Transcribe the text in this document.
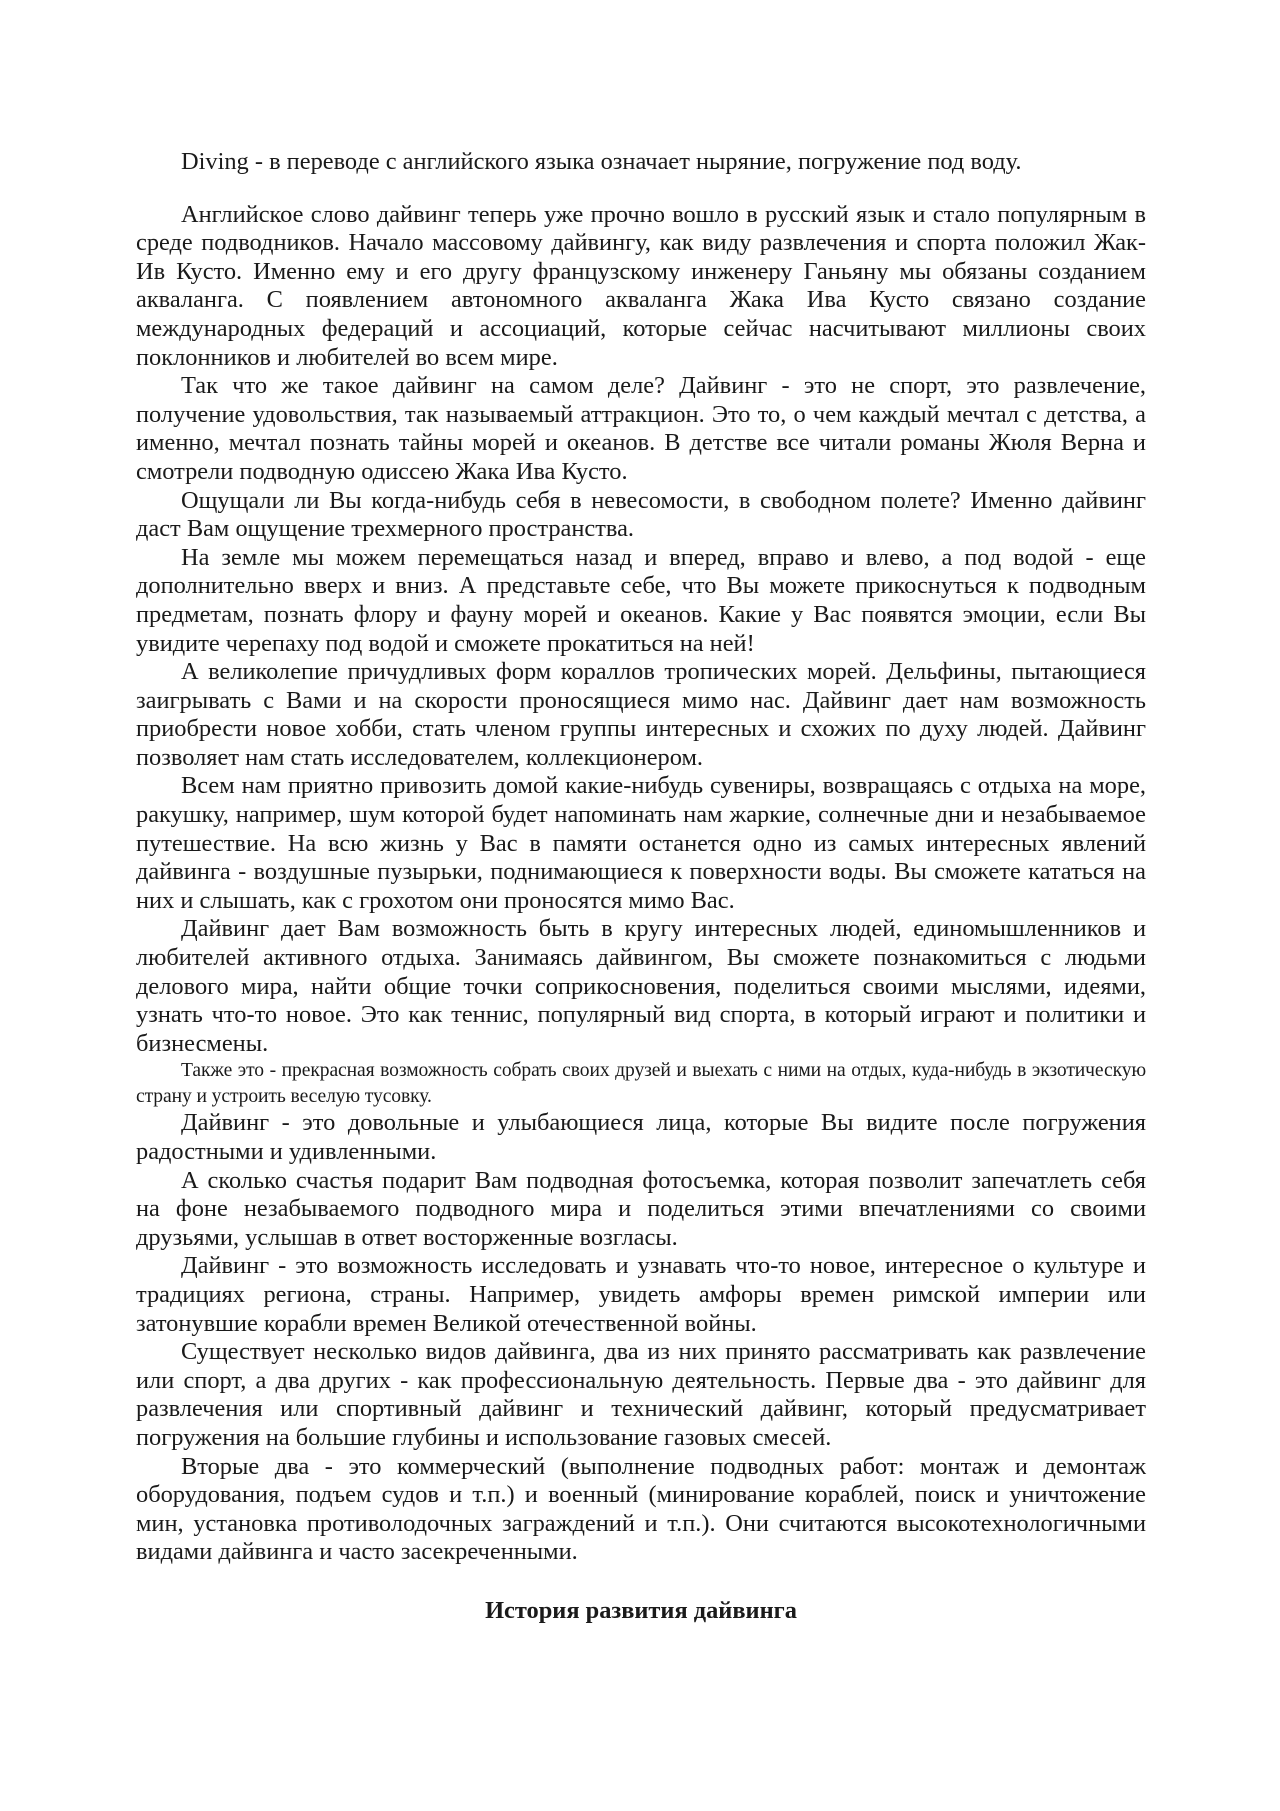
Diving - в переводе с английского языка означает ныряние, погружение под воду.

Английское слово дайвинг теперь уже прочно вошло в русский язык и стало популярным в среде подводников. Начало массовому дайвингу, как виду развлечения и спорта положил Жак-Ив Кусто. Именно ему и его другу французскому инженеру Ганьяну мы обязаны созданием акваланга. С появлением автономного акваланга Жака Ива Кусто связано создание международных федераций и ассоциаций, которые сейчас насчитывают миллионы своих поклонников и любителей во всем мире.

Так что же такое дайвинг на самом деле? Дайвинг - это не спорт, это развлечение, получение удовольствия, так называемый аттракцион. Это то, о чем каждый мечтал с детства, а именно, мечтал познать тайны морей и океанов. В детстве все читали романы Жюля Верна и смотрели подводную одиссею Жака Ива Кусто.

Ощущали ли Вы когда-нибудь себя в невесомости, в свободном полете? Именно дайвинг даст Вам ощущение трехмерного пространства.

На земле мы можем перемещаться назад и вперед, вправо и влево, а под водой - еще дополнительно вверх и вниз. А представьте себе, что Вы можете прикоснуться к подводным предметам, познать флору и фауну морей и океанов. Какие у Вас появятся эмоции, если Вы увидите черепаху под водой и сможете прокатиться на ней!

А великолепие причудливых форм кораллов тропических морей. Дельфины, пытающиеся заигрывать с Вами и на скорости проносящиеся мимо нас. Дайвинг дает нам возможность приобрести новое хобби, стать членом группы интересных и схожих по духу людей. Дайвинг позволяет нам стать исследователем, коллекционером.

Всем нам приятно привозить домой какие-нибудь сувениры, возвращаясь с отдыха на море, ракушку, например, шум которой будет напоминать нам жаркие, солнечные дни и незабываемое путешествие. На всю жизнь у Вас в памяти останется одно из самых интересных явлений дайвинга - воздушные пузырьки, поднимающиеся к поверхности воды. Вы сможете кататься на них и слышать, как с грохотом они проносятся мимо Вас.

Дайвинг дает Вам возможность быть в кругу интересных людей, единомышленников и любителей активного отдыха. Занимаясь дайвингом, Вы сможете познакомиться с людьми делового мира, найти общие точки соприкосновения, поделиться своими мыслями, идеями, узнать что-то новое. Это как теннис, популярный вид спорта, в который играют и политики и бизнесмены.

Также это - прекрасная возможность собрать своих друзей и выехать с ними на отдых, куда-нибудь в экзотическую страну и устроить веселую тусовку.

Дайвинг - это довольные и улыбающиеся лица, которые Вы видите после погружения радостными и удивленными.

А сколько счастья подарит Вам подводная фотосъемка, которая позволит запечатлеть себя на фоне незабываемого подводного мира и поделиться этими впечатлениями со своими друзьями, услышав в ответ восторженные возгласы.

Дайвинг - это возможность исследовать и узнавать что-то новое, интересное о культуре и традициях региона, страны. Например, увидеть амфоры времен римской империи или затонувшие корабли времен Великой отечественной войны.

Существует несколько видов дайвинга, два из них принято рассматривать как развлечение или спорт, а два других - как профессиональную деятельность. Первые два - это дайвинг для развлечения или спортивный дайвинг и технический дайвинг, который предусматривает погружения на большие глубины и использование газовых смесей.

Вторые два - это коммерческий (выполнение подводных работ: монтаж и демонтаж оборудования, подъем судов и т.п.) и военный (минирование кораблей, поиск и уничтожение мин, установка противолодочных заграждений и т.п.). Они считаются высокотехнологичными видами дайвинга и часто засекреченными.

История развития дайвинга
